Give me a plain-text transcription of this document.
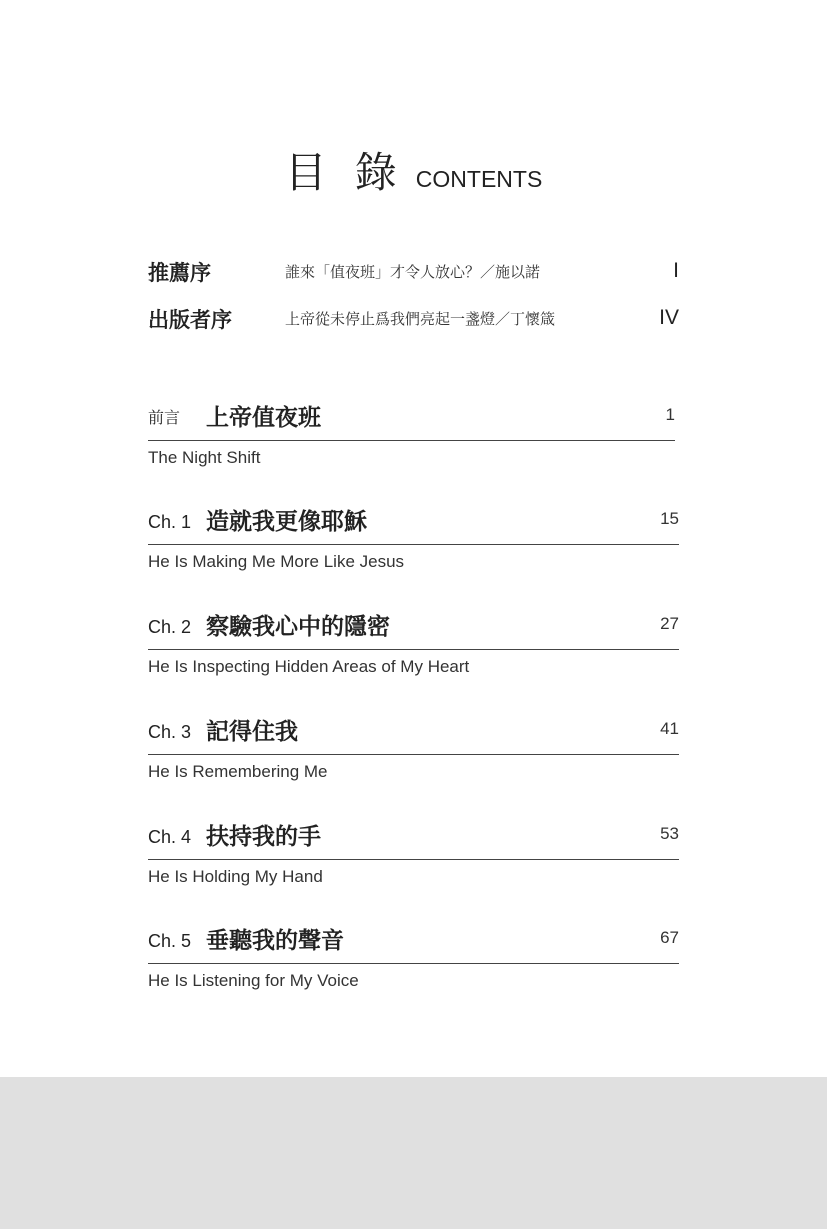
目錄 CONTENTS
推薦序	誰來「值夜班」才令人放心？／施以諾	I
出版者序	上帝從未停止爲我們亮起一盞燈／丁懷箴	IV
前言 上帝值夜班	1
The Night Shift
Ch. 1 造就我更像耶穌	15
He Is Making Me More Like Jesus
Ch. 2 察驗我心中的隱密	27
He Is Inspecting Hidden Areas of My Heart
Ch. 3 記得住我	41
He Is Remembering Me
Ch. 4 扶持我的手	53
He Is Holding My Hand
Ch. 5 垂聽我的聲音	67
He Is Listening for My Voice
